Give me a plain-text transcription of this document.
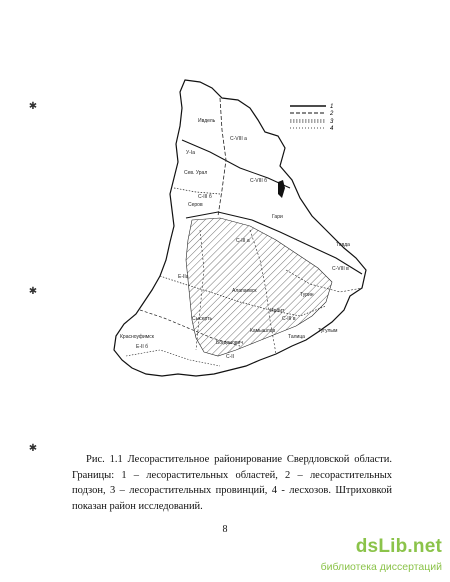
✱
✱
✱
С-VIII а
С-VIII б
С-VIII в
С-III б
С-III а
У-Iа
Е-IIа
Е-II б
С-II
С-III в
Сев. Урал
Серов
Гари
Ивдель
Тавда
Турин
Ирбит
Алапаевск
Камышлов
Богданович
Талица
Тугулым
Красноуфимск
Сысерть
1
2
3
4

Рис. 1.1 Лесорастительное районирование Свердловской области. Границы: 1 – лесорастительных областей, 2 – лесорастительных подзон, 3 – лесорастительных провинций, 4 - лесхозов. Штриховкой показан район исследований.

8
dsLib.net
библиотека диссертаций
